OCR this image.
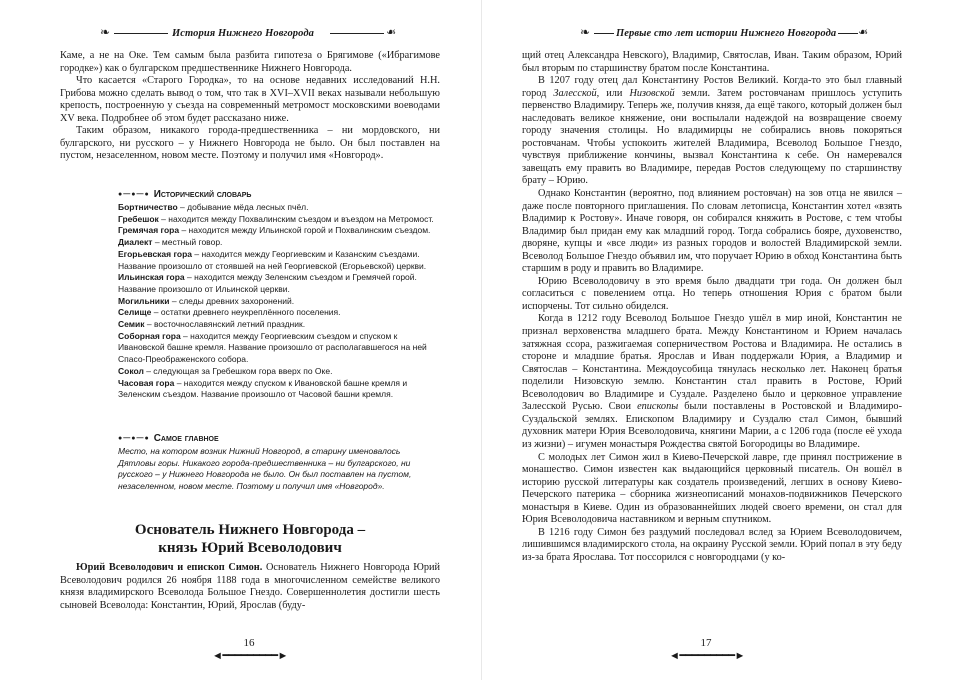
❧	История Нижнего Новгорода	❧

Каме, а не на Оке. Тем самым была разбита гипотеза о Брягимове («Ибрагимове городке») как о булгарском предшественнике Нижнего Новгорода.

Что касается «Старого Городка», то на основе недавних исследований Н.Н. Грибова можно сделать вывод о том, что так в XVI–XVII веках называли небольшую крепость, построенную у съезда на современный метромост московскими воеводами XV века. Подробнее об этом будет рассказано ниже.

Таким образом, никакого города-предшественника – ни мордовского, ни булгарского, ни русского – у Нижнего Новгорода не было. Он был поставлен на пустом, незаселенном, новом месте. Поэтому и получил имя «Новгород».

●—●—● Исторический словарь

Бортничество – добывание мёда лесных пчёл.

Гребешок – находится между Похвалинским съездом и въездом на Метромост.

Гремячая гора – находится между Ильинской горой и Похвалинским съездом.

Диалект – местный говор.

Егорьевская гора – находится между Георгиевским и Казанским съездами. Название произошло от стоявшей на ней Георгиевской (Егорьевской) церкви.

Ильинская гора – находится между Зеленским съездом и Гремячей горой. Название произошло от Ильинской церкви.

Могильники – следы древних захоронений.

Селище – остатки древнего неукреплённого поселения.

Семик – восточнославянский летний праздник.

Соборная гора – находится между Георгиевским съездом и спуском к Ивановской башне кремля. Название произошло от располагавшегося на ней Спасо-Преображенского собора.

Сокол – следующая за Гребешком гора вверх по Оке.

Часовая гора – находится между спуском к Ивановской башне кремля и Зеленским съездом. Название произошло от Часовой башни кремля.

●—●—● Самое главное

Место, на котором возник Нижний Новгород, в старину именовалось Дятловы горы. Никакого города-предшественника – ни булгарского, ни русского – у Нижнего Новгорода не было. Он был поставлен на пустом, незаселенном, новом месте. Поэтому и получил имя «Новгород».

Основатель Нижнего Новгорода –
князь Юрий Всеволодович

Юрий Всеволодович и епископ Симон. Основатель Нижнего Новгорода Юрий Всеволодович родился 26 ноября 1188 года в многочисленном семействе великого князя владимирского Всеволода Большое Гнездо. Совершеннолетия достигли шесть сыновей Всеволода: Константин, Юрий, Ярослав (буду-

16
◄━━━━━━━━━►
❧ Первые сто лет истории Нижнего Новгорода ❧

щий отец Александра Невского), Владимир, Святослав, Иван. Таким образом, Юрий был вторым по старшинству братом после Константина.

В 1207 году отец дал Константину Ростов Великий. Когда-то это был главный город Залесской, или Низовской земли. Затем ростовчанам пришлось уступить первенство Владимиру. Теперь же, получив князя, да ещё такого, который должен был наследовать великое княжение, они воспылали надеждой на возвращение своему городу значения столицы. Но владимирцы не собирались вновь покоряться ростовчанам. Чтобы успокоить жителей Владимира, Всеволод Большое Гнездо, чувствуя приближение кончины, вызвал Константина к себе. Он намеревался завещать ему править во Владимире, передав Ростов следующему по старшинству брату – Юрию.

Однако Константин (вероятно, под влиянием ростовчан) на зов отца не явился – даже после повторного приглашения. По словам летописца, Константин хотел «взять Владимир к Ростову». Иначе говоря, он собирался княжить в Ростове, с тем чтобы Владимир был придан ему как младший город. Тогда собрались бояре, духовенство, дворяне, купцы и «все люди» из разных городов и волостей Владимирской земли. Всеволод Большое Гнездо объявил им, что поручает Юрию в обход Константина быть старшим в роду и править во Владимире.

Юрию Всеволодовичу в это время было двадцати три года. Он должен был согласиться с повелением отца. Но теперь отношения Юрия с братом были испорчены. Тот сильно обиделся.

Когда в 1212 году Всеволод Большое Гнездо ушёл в мир иной, Константин не признал верховенства младшего брата. Между Константином и Юрием началась затяжная ссора, разжигаемая соперничеством Ростова и Владимира. Не остались в стороне и младшие братья. Ярослав и Иван поддержали Юрия, а Владимир и Святослав – Константина. Междоусобица тянулась несколько лет. Наконец братья поделили Низовскую землю. Константин стал править в Ростове, Юрий Всеволодович во Владимире и Суздале. Разделено было и церковное управление Залесской Русью. Свои епископы были поставлены в Ростовской и Владимиро-Суздальской землях. Епископом Владимиру и Суздалю стал Симон, бывший духовник матери Юрия Всеволодовича, княгини Марии, а с 1206 года (после её ухода из жизни) – игумен монастыря Рождества святой Богородицы во Владимире.

С молодых лет Симон жил в Киево-Печерской лавре, где принял пострижение в монашество. Симон известен как выдающийся церковный писатель. Он вошёл в историю русской литературы как создатель произведений, легших в основу Киево-Печерского патерика – сборника жизнеописаний монахов-подвижников Печерского монастыря в Киеве. Один из образованнейших людей своего времени, он стал для Юрия Всеволодовича наставником и верным спутником.

В 1216 году Симон без раздумий последовал вслед за Юрием Всеволодовичем, лишившимся владимирского стола, на окраину Русской земли. Юрий попал в эту беду из-за брата Ярослава. Тот поссорился с новгородцами (у ко-

17
◄━━━━━━━━━►
